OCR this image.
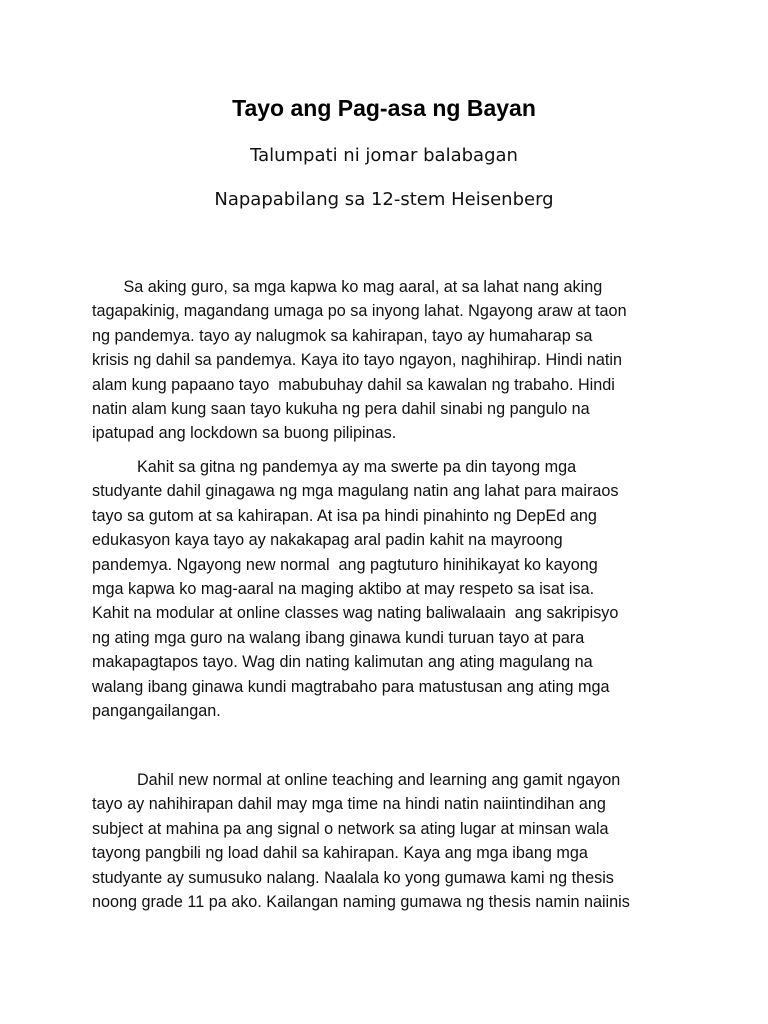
Tayo ang Pag-asa ng Bayan

Talumpati ni jomar balabagan

Napapabilang sa 12-stem Heisenberg

Sa aking guro, sa mga kapwa ko mag aaral, at sa lahat nang aking
tagapakinig, magandang umaga po sa inyong lahat. Ngayong araw at taon
ng pandemya. tayo ay nalugmok sa kahirapan, tayo ay humaharap sa
krisis ng dahil sa pandemya. Kaya ito tayo ngayon, naghihirap. Hindi natin
alam kung papaano tayo  mabubuhay dahil sa kawalan ng trabaho. Hindi
natin alam kung saan tayo kukuha ng pera dahil sinabi ng pangulo na
ipatupad ang lockdown sa buong pilipinas.
Kahit sa gitna ng pandemya ay ma swerte pa din tayong mga
studyante dahil ginagawa ng mga magulang natin ang lahat para mairaos
tayo sa gutom at sa kahirapan. At isa pa hindi pinahinto ng DepEd ang
edukasyon kaya tayo ay nakakapag aral padin kahit na mayroong
pandemya. Ngayong new normal  ang pagtuturo hinihikayat ko kayong
mga kapwa ko mag-aaral na maging aktibo at may respeto sa isat isa.
Kahit na modular at online classes wag nating baliwalaain  ang sakripisyo
ng ating mga guro na walang ibang ginawa kundi turuan tayo at para
makapagtapos tayo. Wag din nating kalimutan ang ating magulang na
walang ibang ginawa kundi magtrabaho para matustusan ang ating mga
pangangailangan.
Dahil new normal at online teaching and learning ang gamit ngayon
tayo ay nahihirapan dahil may mga time na hindi natin naiintindihan ang
subject at mahina pa ang signal o network sa ating lugar at minsan wala
tayong pangbili ng load dahil sa kahirapan. Kaya ang mga ibang mga
studyante ay sumusuko nalang. Naalala ko yong gumawa kami ng thesis
noong grade 11 pa ako. Kailangan naming gumawa ng thesis namin naiinis
